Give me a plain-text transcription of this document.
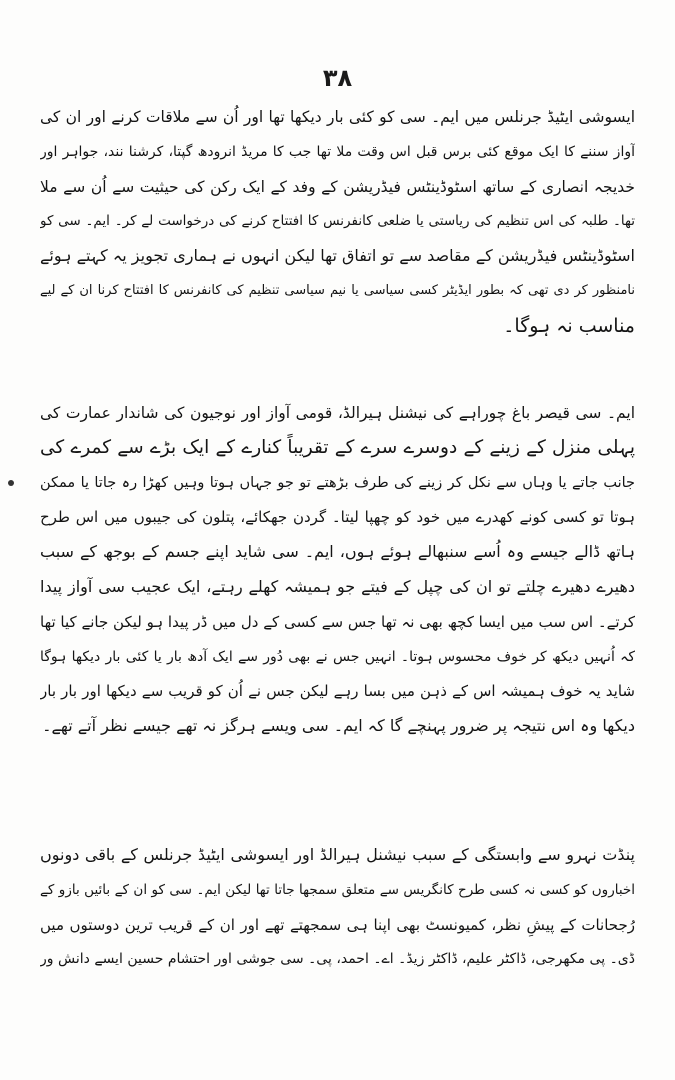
۳۸
ایسوشی ایٹیڈ جرنلس میں ایم۔ سی کو کئی بار دیکھا تھا اور اُن سے ملاقات کرنے اور ان کی
آواز سننے کا ایک موقع کئی برس قبل اس وقت ملا تھا جب کا مریڈ انرودھ گپتا، کرشنا نند، جواہر اور
خدیجہ انصاری کے ساتھ اسٹوڈینٹس فیڈریشن کے وفد کے ایک رکن کی حیثیت سے اُن سے ملا
تھا۔ طلبہ کی اس تنظیم کی ریاستی یا ضلعی کانفرنس کا افتتاح کرنے کی درخواست لے کر۔ ایم۔ سی کو
اسٹوڈینٹس فیڈریشن کے مقاصد سے تو اتفاق تھا لیکن انہوں نے ہماری تجویز یہ کہتے ہوئے
نامنظور کر دی تھی کہ بطور ایڈیٹر کسی سیاسی یا نیم سیاسی تنظیم کی کانفرنس کا افتتاح کرنا ان کے لیے
مناسب نہ ہوگا۔
ایم۔ سی قیصر باغ چوراہے کی نیشنل ہیرالڈ، قومی آواز اور نوجیون کی شاندار عمارت کی
پہلی منزل کے زینے کے دوسرے سرے کے تقریباً کنارے کے ایک بڑے سے کمرے کی
جانب جاتے یا وہاں سے نکل کر زینے کی طرف بڑھتے تو جو جہاں ہوتا وہیں کھڑا رہ جاتا یا ممکن
ہوتا تو کسی کونے کھدرے میں خود کو چھپا لیتا۔ گردن جھکائے، پتلون کی جیبوں میں اس طرح
ہاتھ ڈالے جیسے وہ اُسے سنبھالے ہوئے ہوں، ایم۔ سی شاید اپنے جسم کے بوجھ کے سبب
دھیرے دھیرے چلتے تو ان کی چپل کے فیتے جو ہمیشہ کھلے رہتے، ایک عجیب سی آواز پیدا
کرتے۔ اس سب میں ایسا کچھ بھی نہ تھا جس سے کسی کے دل میں ڈر پیدا ہو لیکن جانے کیا تھا
کہ اُنہیں دیکھ کر خوف محسوس ہوتا۔ انہیں جس نے بھی دُور سے ایک آدھ بار یا کئی بار دیکھا ہوگا
شاید یہ خوف ہمیشہ اس کے ذہن میں بسا رہے لیکن جس نے اُن کو قریب سے دیکھا اور بار بار
دیکھا وہ اس نتیجہ پر ضرور پہنچے گا کہ ایم۔ سی ویسے ہرگز نہ تھے جیسے نظر آتے تھے۔
پنڈت نہرو سے وابستگی کے سبب نیشنل ہیرالڈ اور ایسوشی ایٹیڈ جرنلس کے باقی دونوں
اخباروں کو کسی نہ کسی طرح کانگریس سے متعلق سمجھا جاتا تھا لیکن ایم۔ سی کو ان کے بائیں بازو کے
رُجحانات کے پیشِ نظر، کمیونسٹ بھی اپنا ہی سمجھتے تھے اور ان کے قریب ترین دوستوں میں
ڈی۔ پی مکھرجی، ڈاکٹر علیم، ڈاکٹر زیڈ۔ اے۔ احمد، پی۔ سی جوشی اور احتشام حسین ایسے دانش ور
